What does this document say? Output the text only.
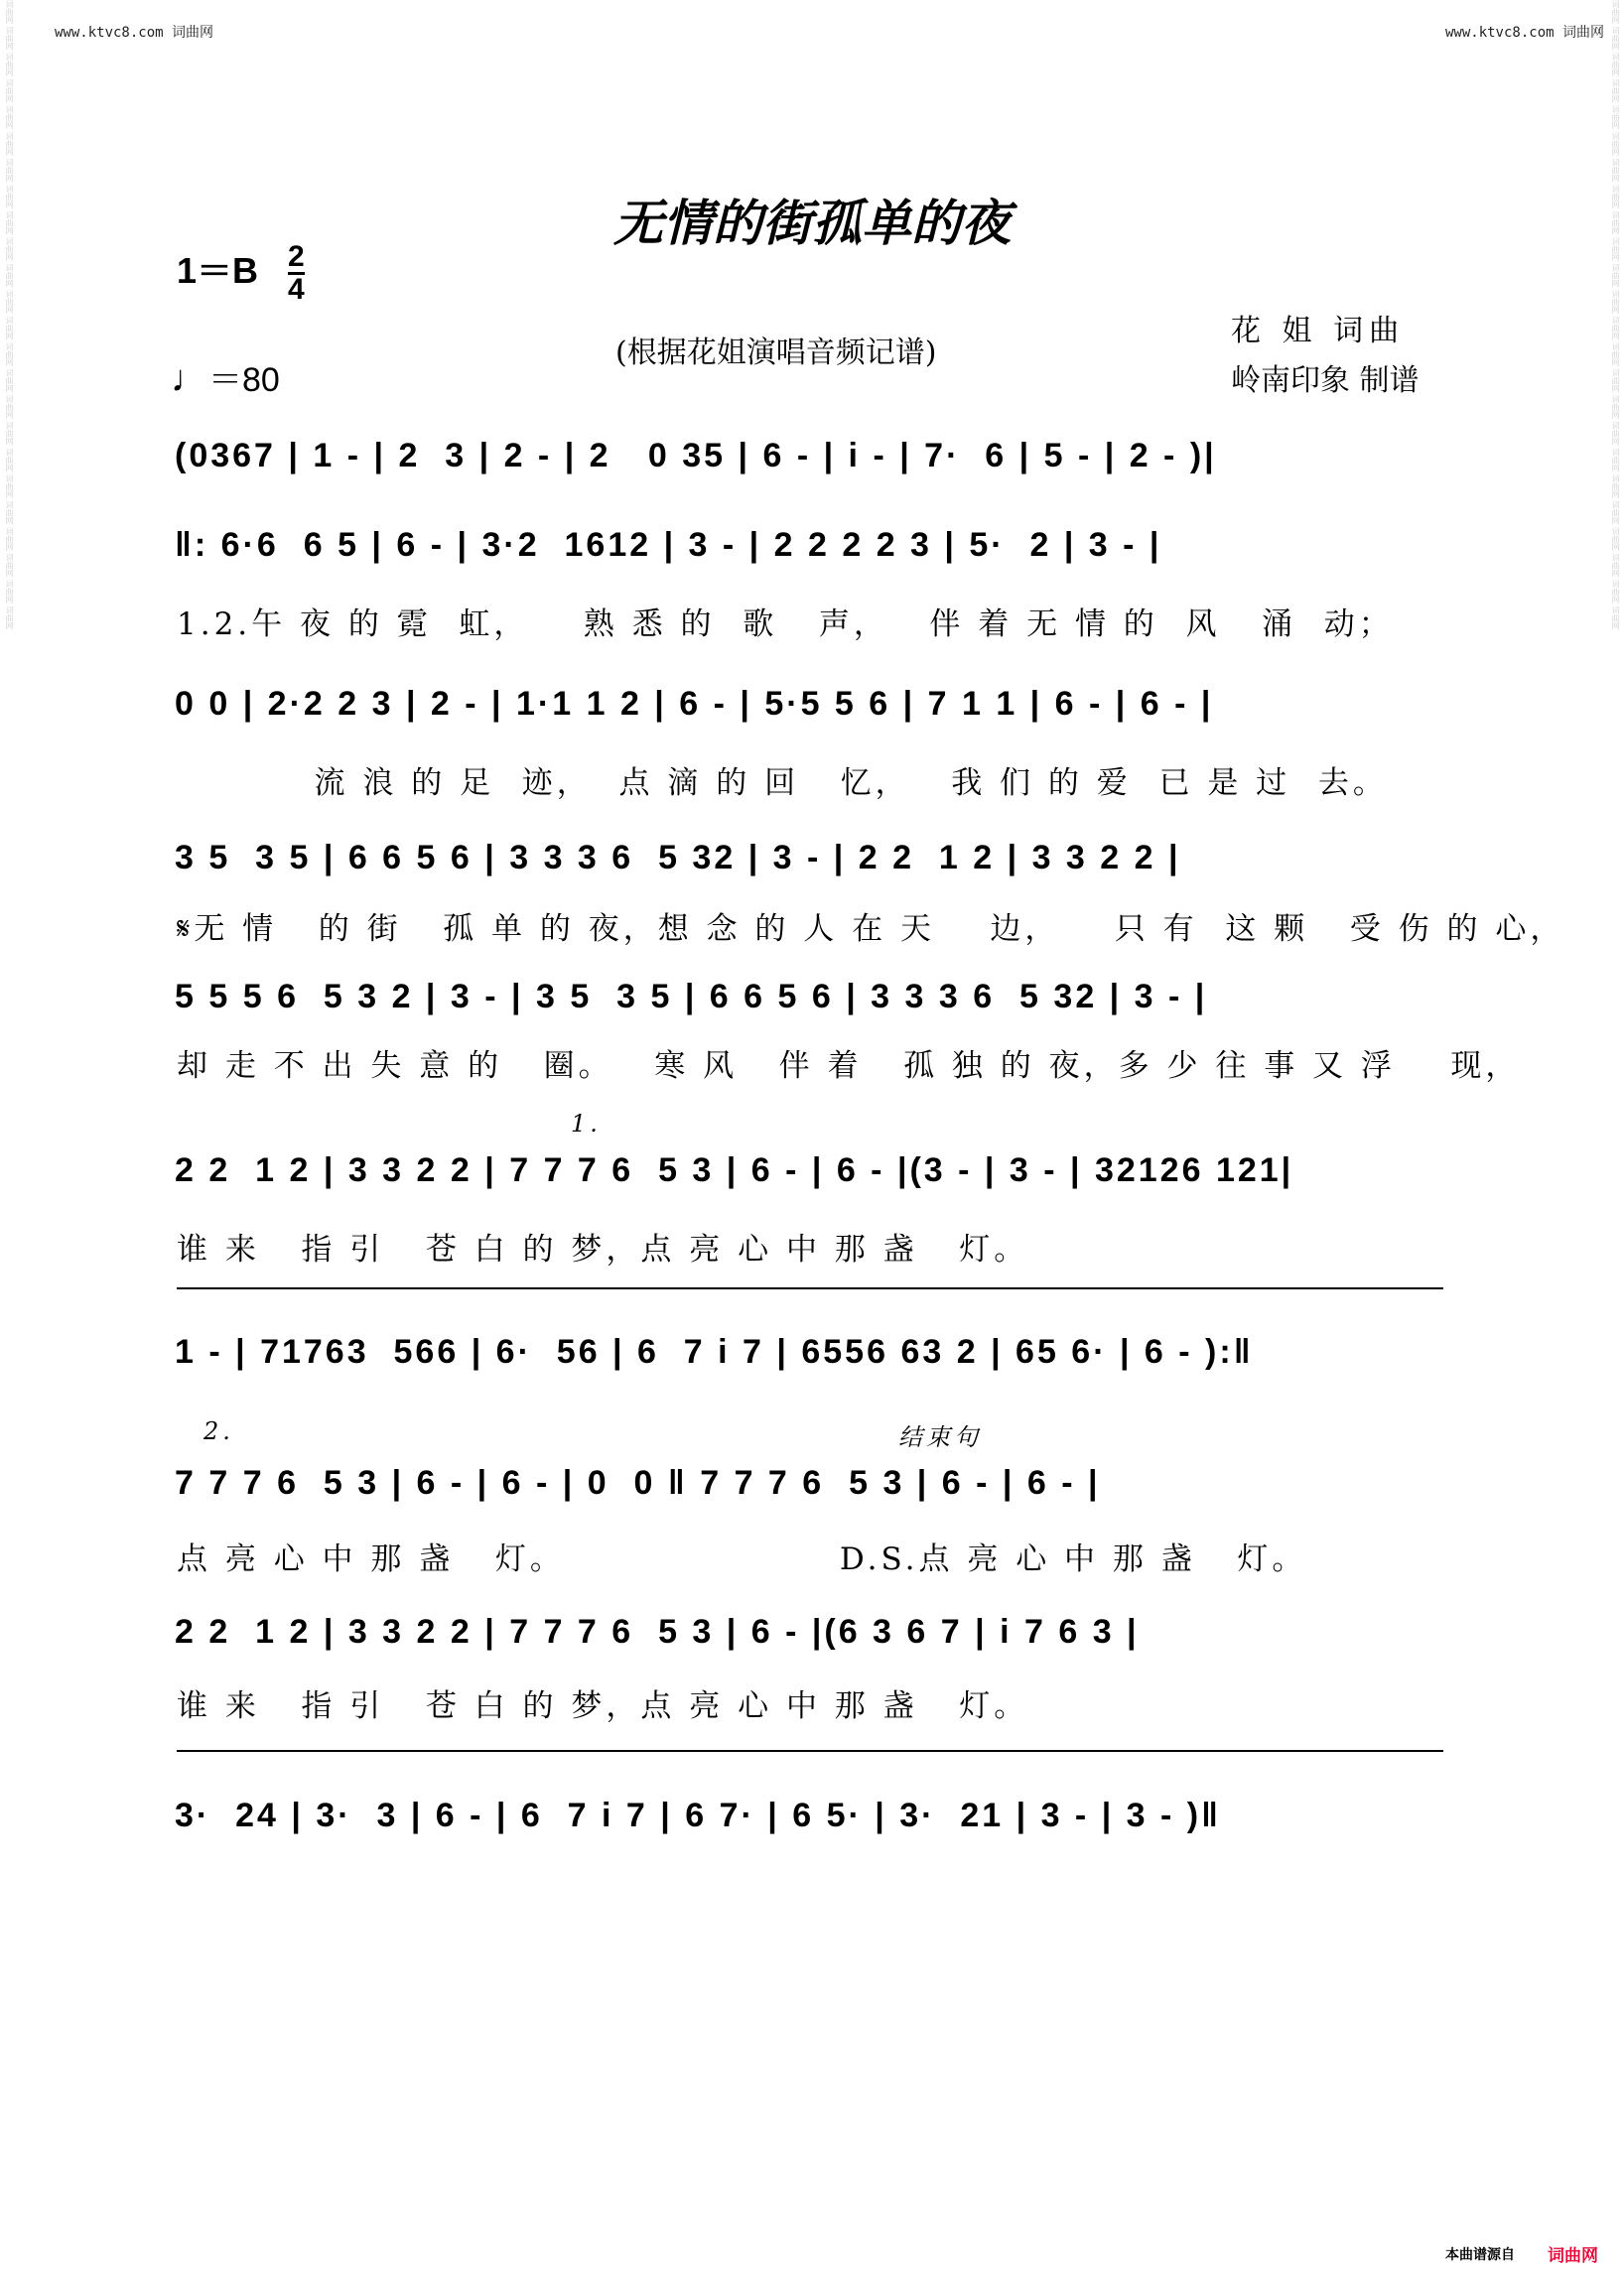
www.ktvc8.com 词曲网	www.ktvc8.com 词曲网
词曲网 词曲网 词曲网 词曲网 词曲网 词曲网 词曲网 词曲网 词曲网 词曲网 词曲网 词曲网 词曲网 词曲网 词曲网 词曲网 词曲网 词曲网 词曲网 词曲网 词曲网 词曲网 词曲网 词曲网	词曲网 词曲网 词曲网 词曲网 词曲网 词曲网 词曲网 词曲网 词曲网 词曲网 词曲网 词曲网 词曲网 词曲网 词曲网 词曲网 词曲网 词曲网 词曲网 词曲网 词曲网 词曲网 词曲网 词曲网
无情的街孤单的夜
$1=B \frac{2}{4}$
♩＝80
(根据花姐演唱音频记谱)
花 姐 词曲
岭南印象 制谱
(0367 | 1 - | 2  3 | 2 - | 2   0 35 | 6 - | i - | 7·  6 | 5 - | 2 - )|
‖: 6·6  6 5 | 6 - | 3·2  1612 | 3 - | 2 2 2 2 3 | 5·  2 | 3 - |
1.2.午 夜 的 霓  虹，    熟 悉 的  歌   声，   伴 着 无 情 的  风   涌  动；
0 0 | 2·2 2 3 | 2 - | 1·1 1 2 | 6 - | 5·5 5 6 | 7 1 1 | 6 - | 6 - |
流 浪 的 足  迹，  点 滴 的 回   忆，   我 们 的 爱  已 是 过  去。
3 5  3 5 | 6 6 5 6 | 3 3 3 6  5 32 | 3 - | 2 2  1 2 | 3 3 2 2 |
𝄋无 情   的 街   孤 单 的 夜，想 念 的 人 在 天    边，    只 有  这 颗   受 伤 的 心，
5 5 5 6  5 3 2 | 3 - | 3 5  3 5 | 6 6 5 6 | 3 3 3 6  5 32 | 3 - |
却 走 不 出 失 意 的   圈。   寒 风   伴 着   孤 独 的 夜，多 少 往 事 又 浮    现，
1.
2 2  1 2 | 3 3 2 2 | 7 7 7 6  5 3 | 6 - | 6 - |(3 - | 3 - | 32126 121|
谁 来   指 引   苍 白 的 梦，点 亮 心 中 那 盏   灯。
1 - | 71763  566 | 6·  56 | 6  7 i 7 | 6556 63 2 | 65 6· | 6 - ):‖
2.	结束句
7 7 7 6  5 3 | 6 - | 6 - | 0  0 ‖ 7 7 7 6  5 3 | 6 - | 6 - |
点 亮 心 中 那 盏   灯。                    D.S.点 亮 心 中 那 盏   灯。
2 2  1 2 | 3 3 2 2 | 7 7 7 6  5 3 | 6 - |(6 3 6 7 | i 7 6 3 |
谁 来   指 引   苍 白 的 梦，点 亮 心 中 那 盏   灯。
3·  24 | 3·  3 | 6 - | 6  7 i 7 | 6 7· | 6 5· | 3·  21 | 3 - | 3 - )‖
本曲谱源自 词曲网
